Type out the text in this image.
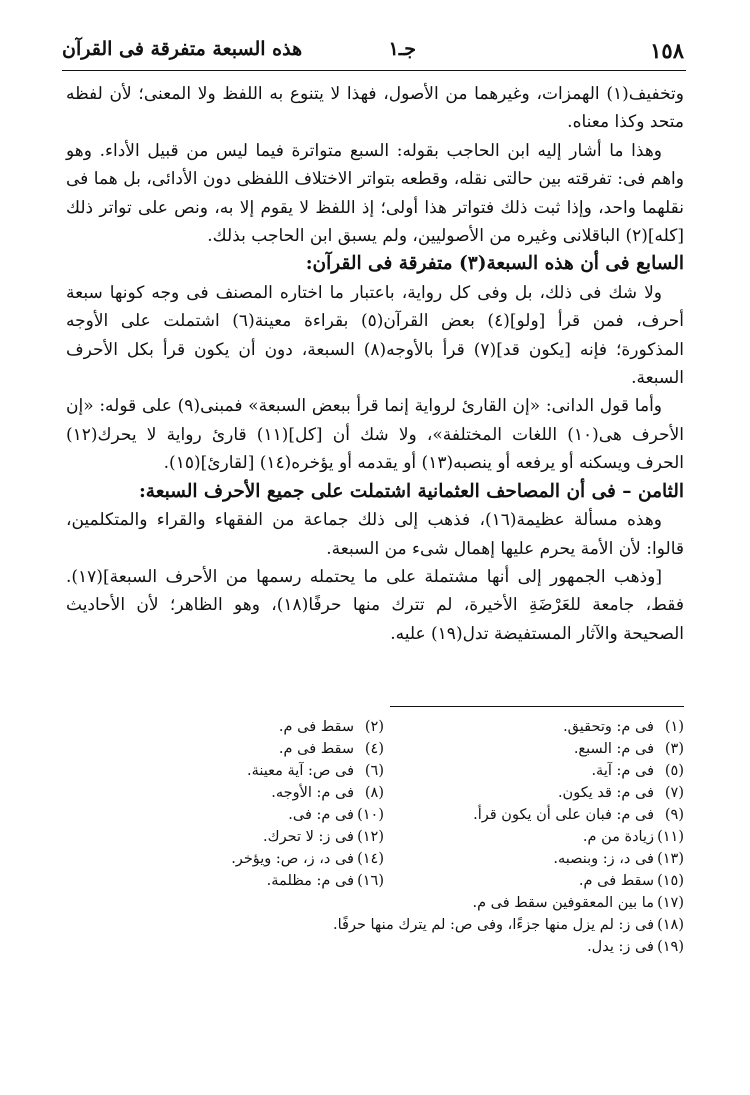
١٥٨
جـ١
هذه السبعة متفرقة فى القرآن

وتخفيف(١) الهمزات، وغيرهما من الأصول، فهذا لا يتنوع به اللفظ ولا المعنى؛ لأن لفظه متحد وكذا معناه.

وهذا ما أشار إليه ابن الحاجب بقوله: السبع متواترة فيما ليس من قبيل الأداء. وهو واهم فى: تفرقته بين حالتى نقله، وقطعه بتواتر الاختلاف اللفظى دون الأدائى، بل هما فى نقلهما واحد، وإذا ثبت ذلك فتواتر هذا أولى؛ إذ اللفظ لا يقوم إلا به، ونص على تواتر ذلك [كله](٢) الباقلانى وغيره من الأصوليين، ولم يسبق ابن الحاجب بذلك.

السابع فى أن هذه السبعة(٣) متفرقة فى القرآن:

ولا شك فى ذلك، بل وفى كل رواية، باعتبار ما اختاره المصنف فى وجه كونها سبعة أحرف، فمن قرأ [ولو](٤) بعض القرآن(٥) بقراءة معينة(٦) اشتملت على الأوجه المذكورة؛ فإنه [يكون قد](٧) قرأ بالأوجه(٨) السبعة، دون أن يكون قرأ بكل الأحرف السبعة.

وأما قول الدانى: «إن القارئ لرواية إنما قرأ ببعض السبعة» فمبنى(٩) على قوله: «إن الأحرف هى(١٠) اللغات المختلفة»، ولا شك أن [كل](١١) قارئ رواية لا يحرك(١٢) الحرف ويسكنه أو يرفعه أو ينصبه(١٣) أو يقدمه أو يؤخره(١٤) [لقارئ](١٥).

الثامن – فى أن المصاحف العثمانية اشتملت على جميع الأحرف السبعة:

وهذه مسألة عظيمة(١٦)، فذهب إلى ذلك جماعة من الفقهاء والقراء والمتكلمين، قالوا: لأن الأمة يحرم عليها إهمال شىء من السبعة.

[وذهب الجمهور إلى أنها مشتملة على ما يحتمله رسمها من الأحرف السبعة](١٧). فقط، جامعة للعَرْضَةِ الأخيرة، لم تترك منها حرفًا(١٨)، وهو الظاهر؛ لأن الأحاديث الصحيحة والآثار المستفيضة تدل(١٩) عليه.

(١)فى م: وتحقيق.
(٢)سقط فى م.
(٣)فى م: السبع.
(٤)سقط فى م.
(٥)فى م: آية.
(٦)فى ص: آية معينة.
(٧)فى م: قد يكون.
(٨)فى م: الأوجه.
(٩)فى م: فبان على أن يكون قرأ.
(١٠)فى م: فى.
(١١)زيادة من م.
(١٢)فى ز: لا تحرك.
(١٣)فى د، ز: وبنصبه.
(١٤)فى د، ز، ص: ويؤخر.
(١٥)سقط فى م.
(١٦)فى م: مظلمة.
(١٧)ما بين المعقوفين سقط فى م.
(١٨)فى ز: لم يزل منها جزءًا، وفى ص: لم يترك منها حرفًا.
(١٩)فى ز: يدل.
